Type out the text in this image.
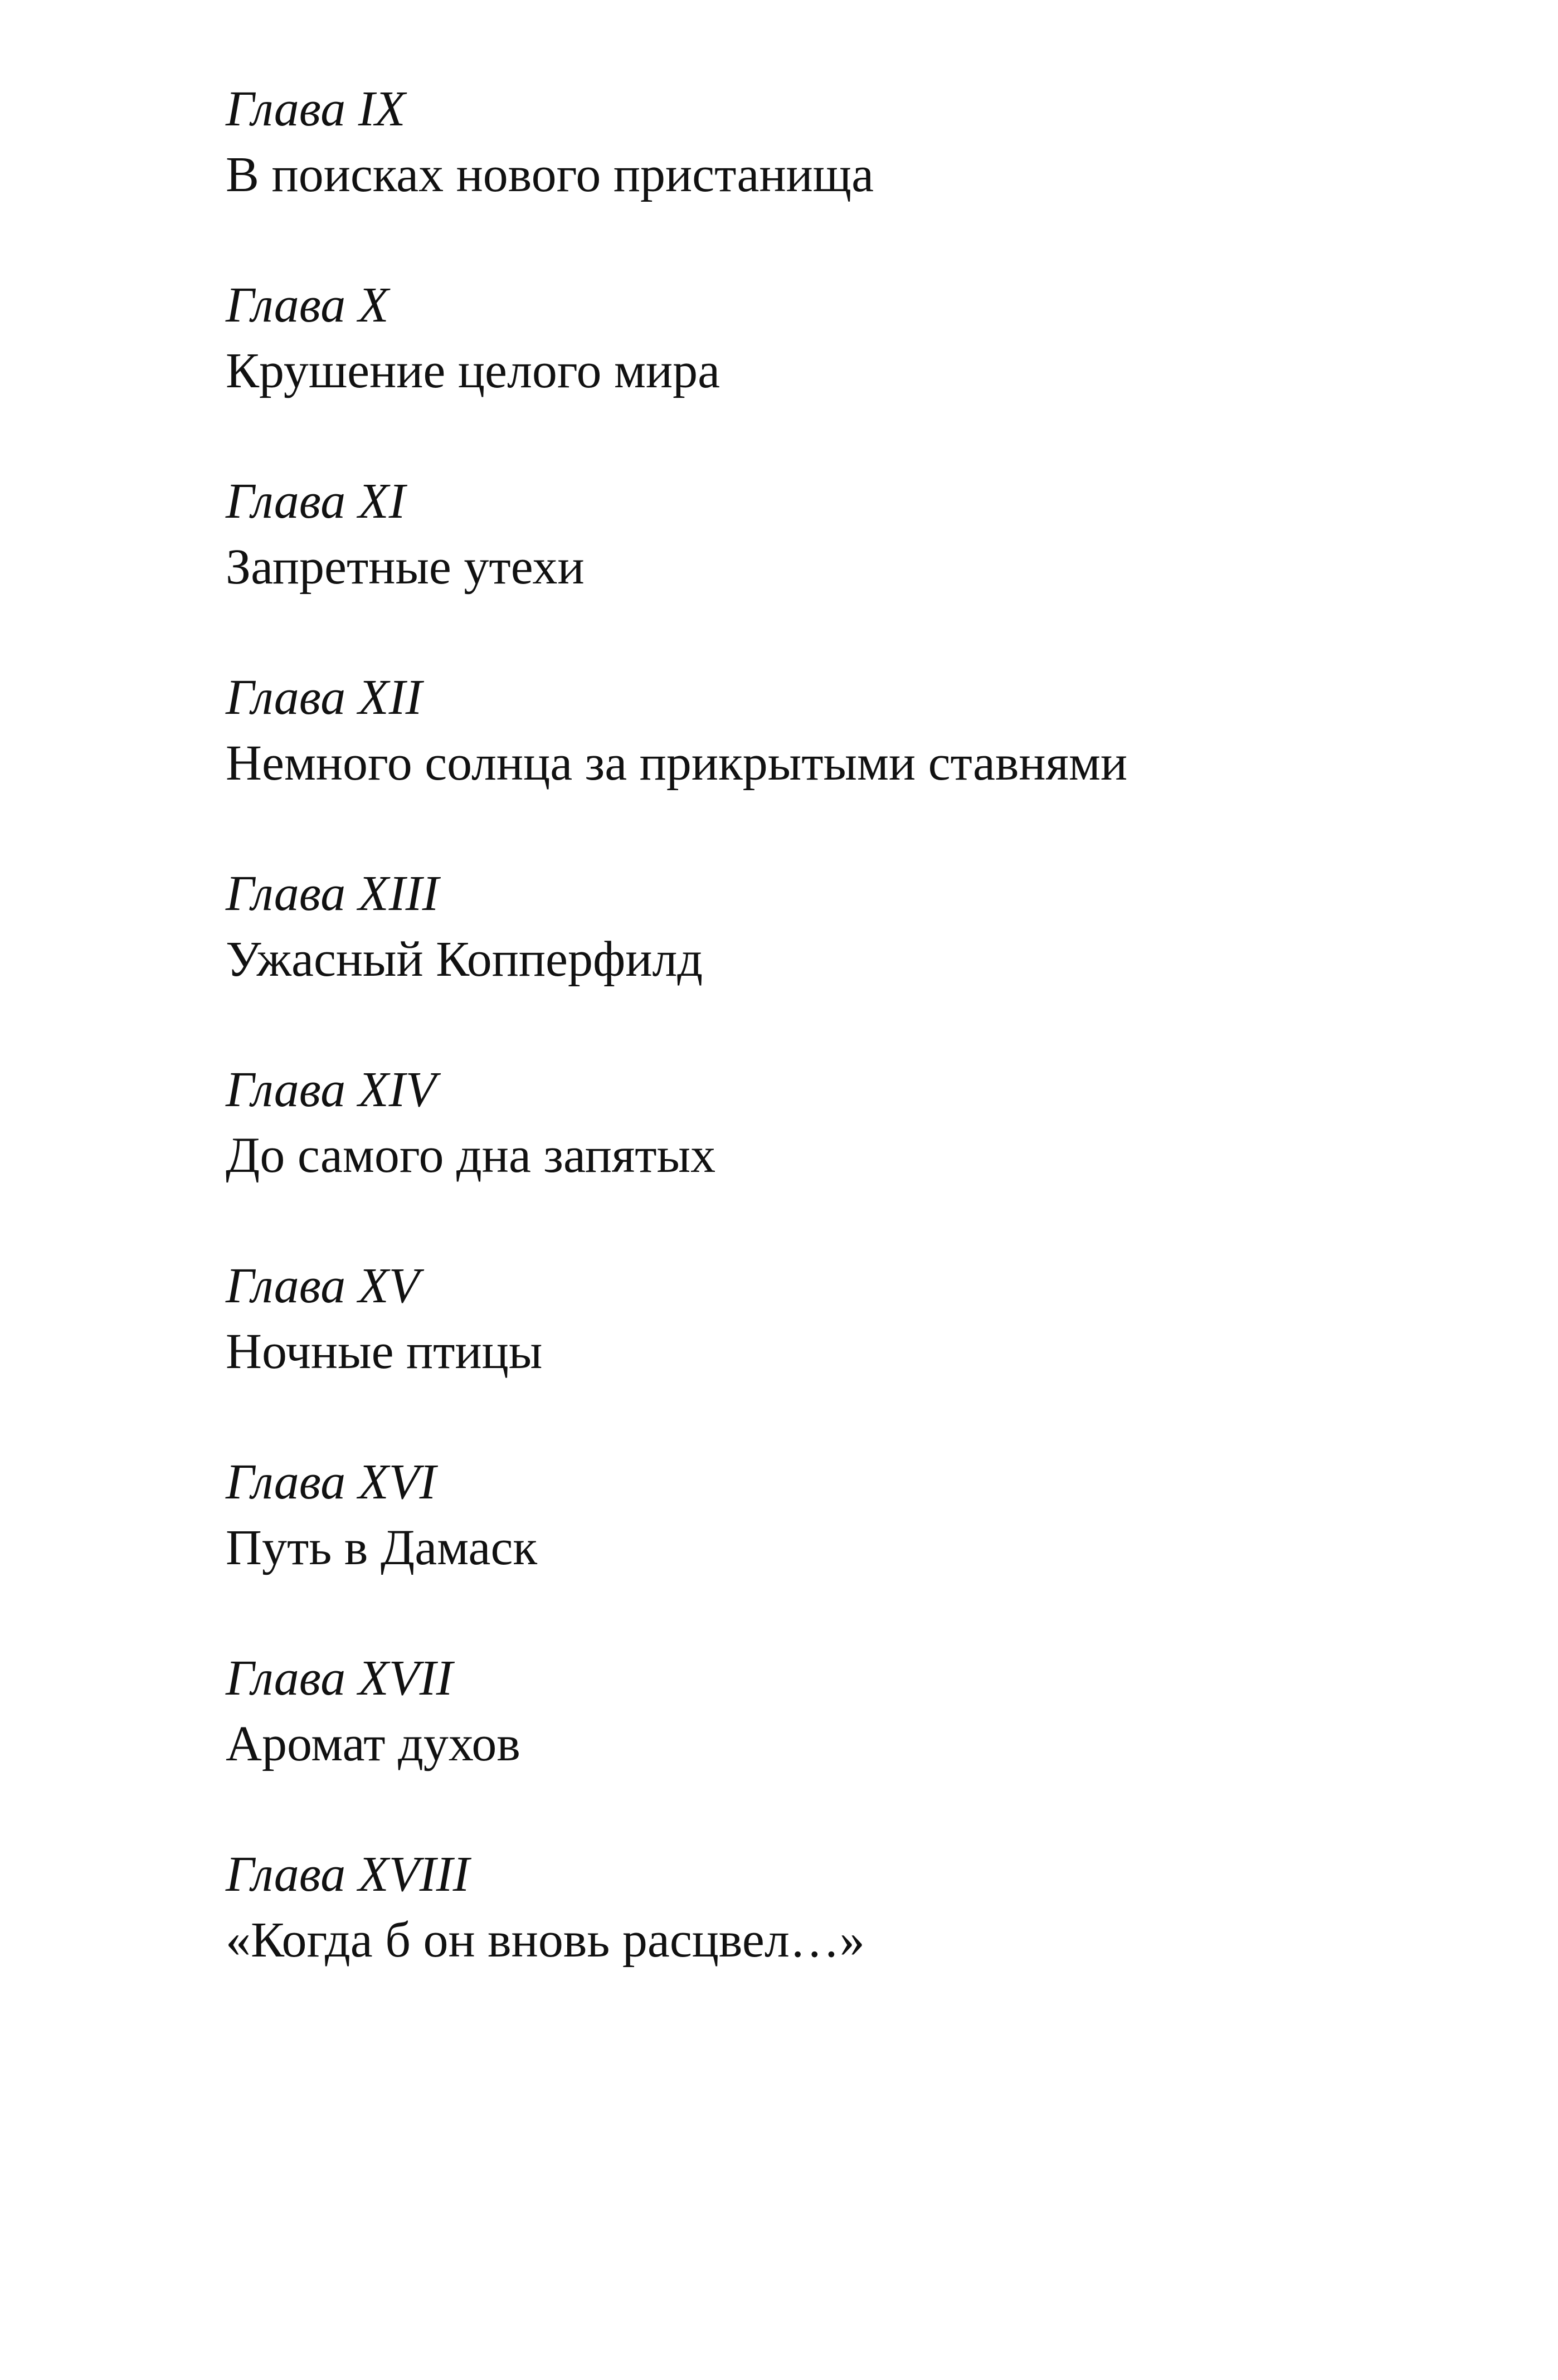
Глава IX
В поисках нового пристанища
Глава X
Крушение целого мира
Глава XI
Запретные утехи
Глава XII
Немного солнца за прикрытыми ставнями
Глава XIII
Ужасный Копперфилд
Глава XIV
До самого дна запятых
Глава XV
Ночные птицы
Глава XVI
Путь в Дамаск
Глава XVII
Аромат духов
Глава XVIII
«Когда б он вновь расцвел…»
